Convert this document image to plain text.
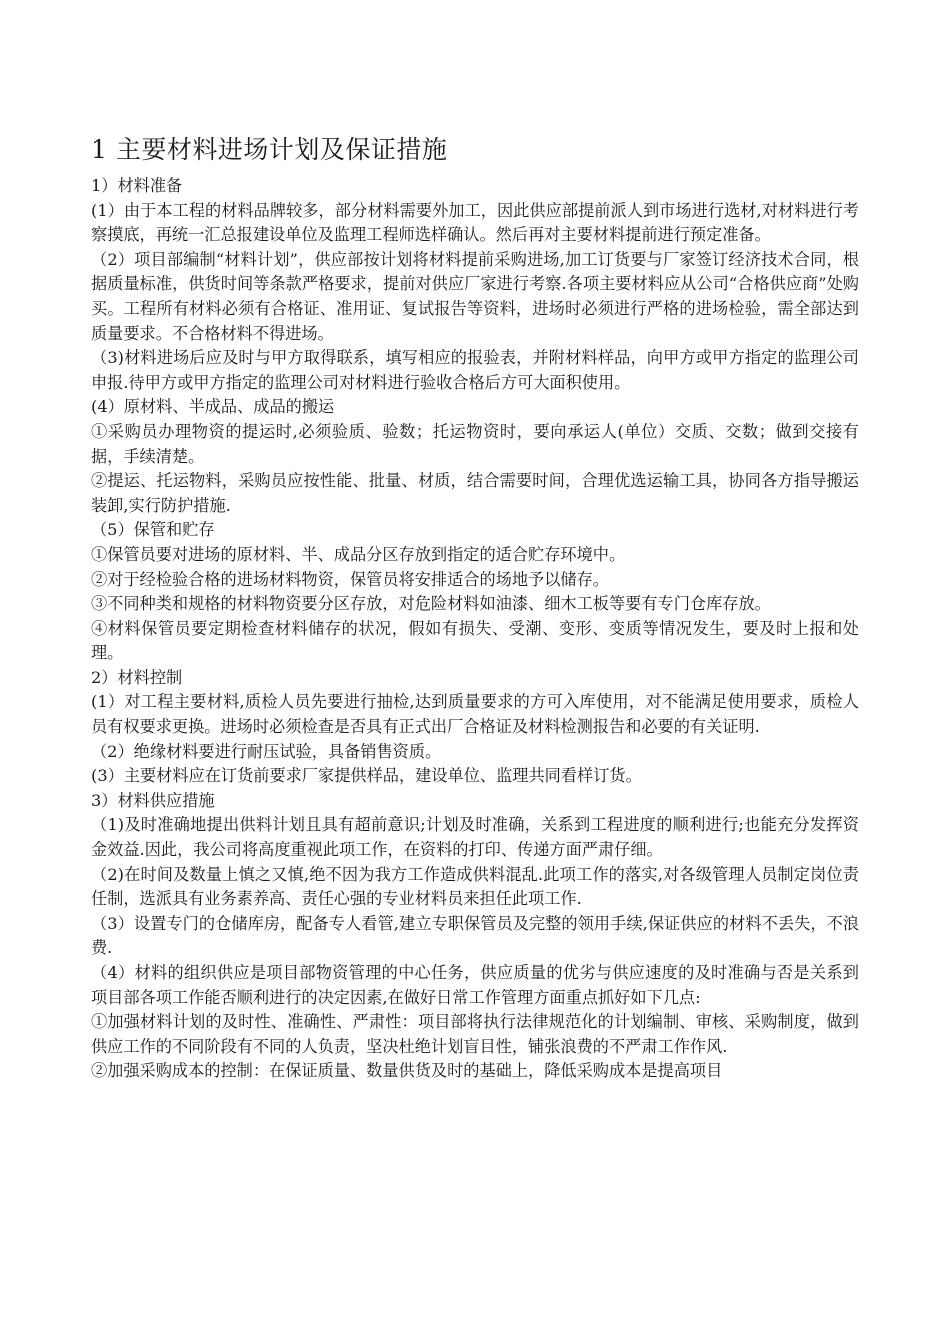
1 主要材料进场计划及保证措施

1）材料准备

(1）由于本工程的材料品牌较多，部分材料需要外加工，因此供应部提前派人到市场进行选材,对材料进行考察摸底，再统一汇总报建设单位及监理工程师选样确认。然后再对主要材料提前进行预定准备。

（2）项目部编制“材料计划”，供应部按计划将材料提前采购进场,加工订货要与厂家签订经济技术合同，根据质量标准，供货时间等条款严格要求，提前对供应厂家进行考察.各项主要材料应从公司“合格供应商”处购买。工程所有材料必须有合格证、准用证、复试报告等资料，进场时必须进行严格的进场检验，需全部达到质量要求。不合格材料不得进场。

（3)材料进场后应及时与甲方取得联系，填写相应的报验表，并附材料样品，向甲方或甲方指定的监理公司申报.待甲方或甲方指定的监理公司对材料进行验收合格后方可大面积使用。

(4）原材料、半成品、成品的搬运

①采购员办理物资的提运时,必须验质、验数；托运物资时，要向承运人(单位）交质、交数；做到交接有据，手续清楚。

②提运、托运物料，采购员应按性能、批量、材质，结合需要时间，合理优选运输工具，协同各方指导搬运装卸,实行防护措施.

（5）保管和贮存

①保管员要对进场的原材料、半、成品分区存放到指定的适合贮存环境中。

②对于经检验合格的进场材料物资，保管员将安排适合的场地予以储存。

③不同种类和规格的材料物资要分区存放，对危险材料如油漆、细木工板等要有专门仓库存放。

④材料保管员要定期检查材料储存的状况，假如有损失、受潮、变形、变质等情况发生，要及时上报和处理。

2）材料控制

(1）对工程主要材料,质检人员先要进行抽检,达到质量要求的方可入库使用，对不能满足使用要求，质检人员有权要求更换。进场时必须检查是否具有正式出厂合格证及材料检测报告和必要的有关证明.

（2）绝缘材料要进行耐压试验，具备销售资质。

(3）主要材料应在订货前要求厂家提供样品，建设单位、监理共同看样订货。

3）材料供应措施

（1)及时准确地提出供料计划且具有超前意识;计划及时准确，关系到工程进度的顺利进行;也能充分发挥资金效益.因此，我公司将高度重视此项工作，在资料的打印、传递方面严肃仔细。

（2)在时间及数量上慎之又慎,绝不因为我方工作造成供料混乱.此项工作的落实,对各级管理人员制定岗位责任制，选派具有业务素养高、责任心强的专业材料员来担任此项工作.

（3）设置专门的仓储库房，配备专人看管,建立专职保管员及完整的领用手续,保证供应的材料不丢失，不浪费.

（4）材料的组织供应是项目部物资管理的中心任务，供应质量的优劣与供应速度的及时准确与否是关系到项目部各项工作能否顺利进行的决定因素,在做好日常工作管理方面重点抓好如下几点:

①加强材料计划的及时性、准确性、严肃性：项目部将执行法律规范化的计划编制、审核、采购制度，做到供应工作的不同阶段有不同的人负责，坚决杜绝计划盲目性，铺张浪费的不严肃工作作风.

②加强采购成本的控制：在保证质量、数量供货及时的基础上，降低采购成本是提高项目
